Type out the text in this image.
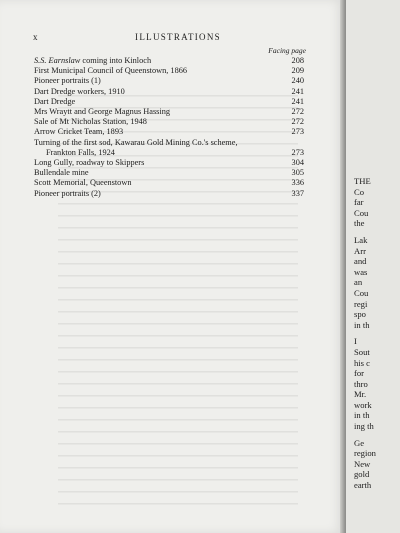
x	ILLUSTRATIONS
Facing page
S.S. Earnslaw coming into Kinloch	208
First Municipal Council of Queenstown, 1866	209
Pioneer portraits (1)	240
Dart Dredge workers, 1910	241
Dart Dredge	241
Mrs Wraytt and George Magnus Hassing	272
Sale of Mt Nicholas Station, 1948	272
Arrow Cricket Team, 1893	273
Turning of the first sod, Kawarau Gold Mining Co.'s scheme,
Frankton Falls, 1924	273
Long Gully, roadway to Skippers	304
Bullendale mine	305
Scott Memorial, Queenstown	336
Pioneer portraits (2)	337
THE
Co
far
Cou
the
Lak
Arr
and
was
an
Cou
regi
spo
in th
I
Sout
his c
for
thro
Mr.
work
in th
ing th
Ge
region
New
gold
earth
